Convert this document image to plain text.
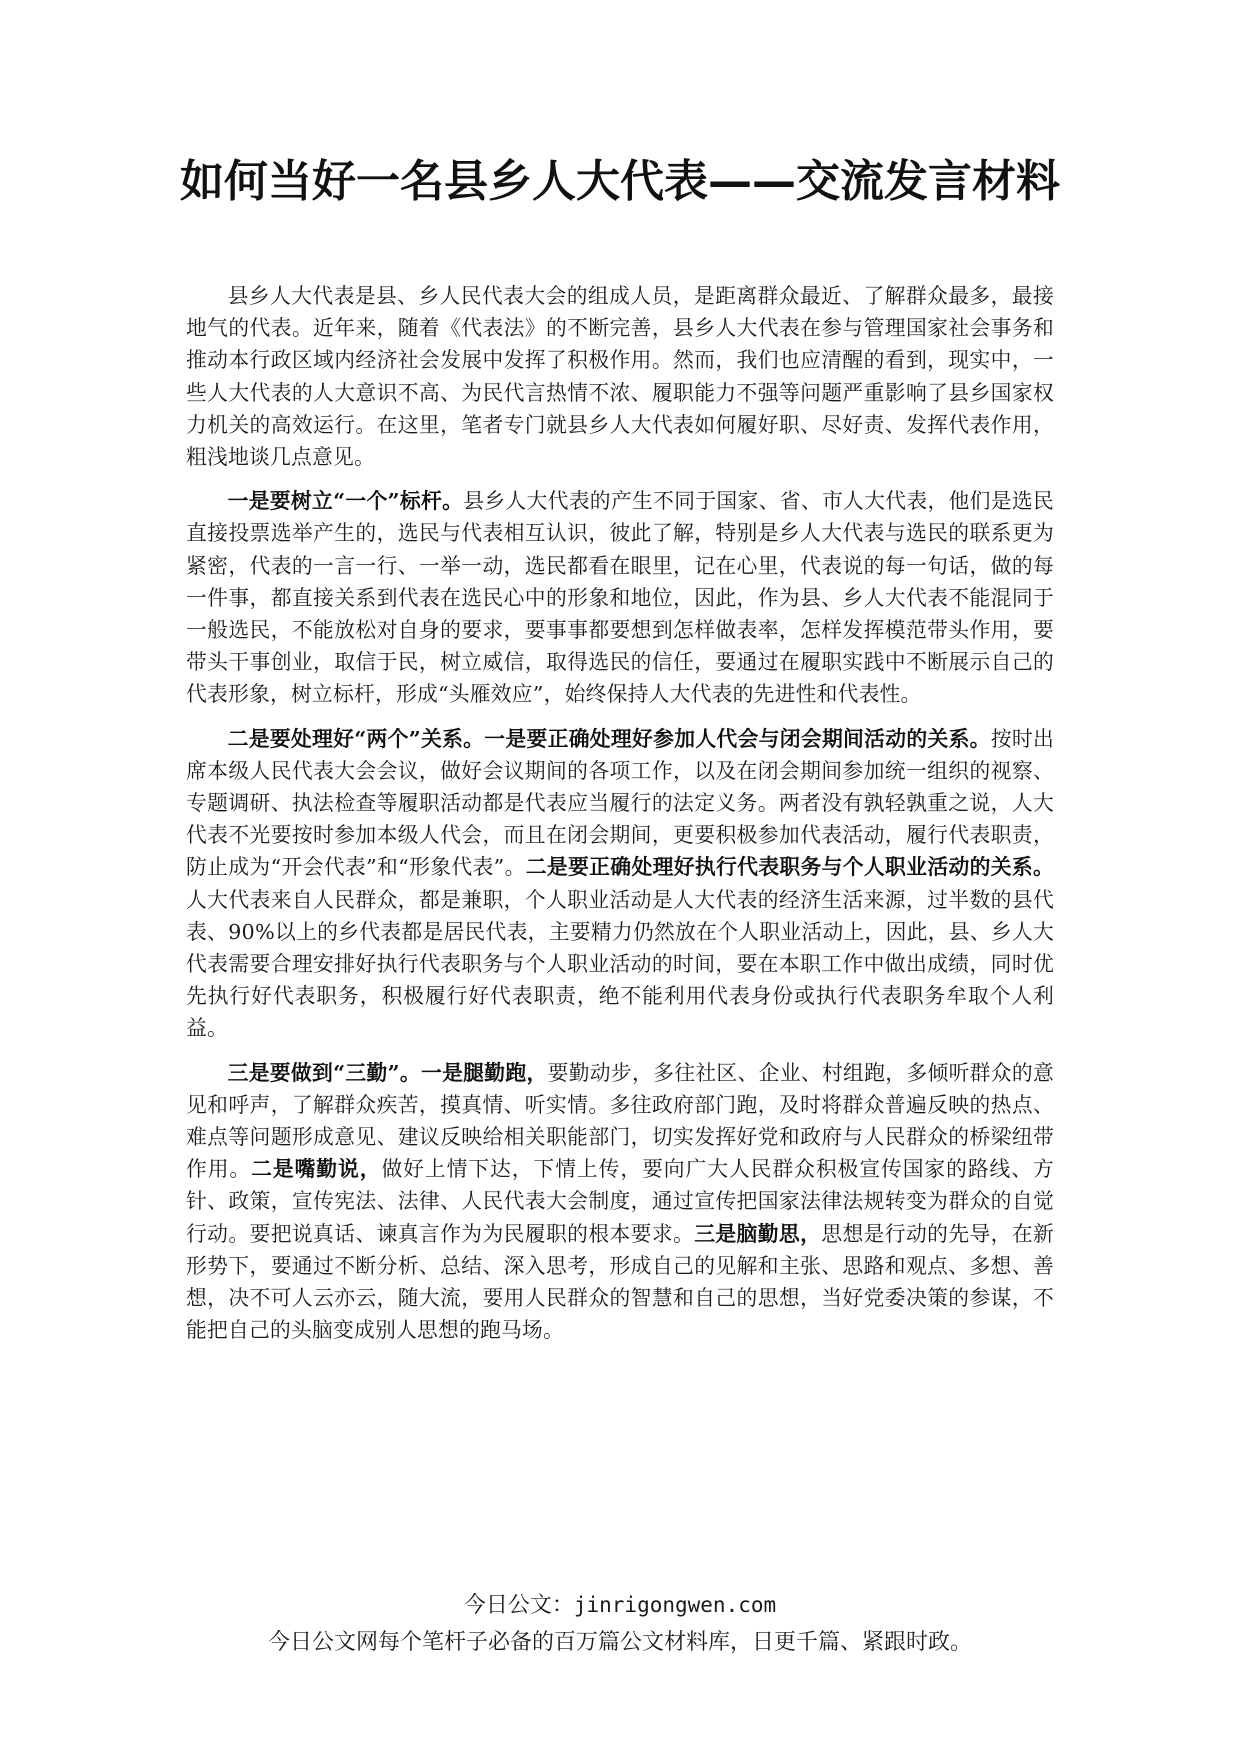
如何当好一名县乡人大代表——交流发言材料

县乡人大代表是县、乡人民代表大会的组成人员，是距离群众最近、了解群众最多，最接地气的代表。近年来，随着《代表法》的不断完善，县乡人大代表在参与管理国家社会事务和推动本行政区域内经济社会发展中发挥了积极作用。然而，我们也应清醒的看到，现实中，一些人大代表的人大意识不高、为民代言热情不浓、履职能力不强等问题严重影响了县乡国家权力机关的高效运行。在这里，笔者专门就县乡人大代表如何履好职、尽好责、发挥代表作用，粗浅地谈几点意见。

一是要树立“一个”标杆。县乡人大代表的产生不同于国家、省、市人大代表，他们是选民直接投票选举产生的，选民与代表相互认识，彼此了解，特别是乡人大代表与选民的联系更为紧密，代表的一言一行、一举一动，选民都看在眼里，记在心里，代表说的每一句话，做的每一件事，都直接关系到代表在选民心中的形象和地位，因此，作为县、乡人大代表不能混同于一般选民，不能放松对自身的要求，要事事都要想到怎样做表率，怎样发挥模范带头作用，要带头干事创业，取信于民，树立威信，取得选民的信任，要通过在履职实践中不断展示自己的代表形象，树立标杆，形成“头雁效应”，始终保持人大代表的先进性和代表性。

二是要处理好“两个”关系。一是要正确处理好参加人代会与闭会期间活动的关系。按时出席本级人民代表大会会议，做好会议期间的各项工作，以及在闭会期间参加统一组织的视察、专题调研、执法检查等履职活动都是代表应当履行的法定义务。两者没有孰轻孰重之说，人大代表不光要按时参加本级人代会，而且在闭会期间，更要积极参加代表活动，履行代表职责，防止成为“开会代表”和“形象代表”。二是要正确处理好执行代表职务与个人职业活动的关系。人大代表来自人民群众，都是兼职，个人职业活动是人大代表的经济生活来源，过半数的县代表、90%以上的乡代表都是居民代表，主要精力仍然放在个人职业活动上，因此，县、乡人大代表需要合理安排好执行代表职务与个人职业活动的时间，要在本职工作中做出成绩，同时优先执行好代表职务，积极履行好代表职责，绝不能利用代表身份或执行代表职务牟取个人利益。

三是要做到“三勤”。一是腿勤跑，要勤动步，多往社区、企业、村组跑，多倾听群众的意见和呼声，了解群众疾苦，摸真情、听实情。多往政府部门跑，及时将群众普遍反映的热点、难点等问题形成意见、建议反映给相关职能部门，切实发挥好党和政府与人民群众的桥梁纽带作用。二是嘴勤说，做好上情下达，下情上传，要向广大人民群众积极宣传国家的路线、方针、政策，宣传宪法、法律、人民代表大会制度，通过宣传把国家法律法规转变为群众的自觉行动。要把说真话、谏真言作为为民履职的根本要求。三是脑勤思，思想是行动的先导，在新形势下，要通过不断分析、总结、深入思考，形成自己的见解和主张、思路和观点、多想、善想，决不可人云亦云，随大流，要用人民群众的智慧和自己的思想，当好党委决策的参谋，不能把自己的头脑变成别人思想的跑马场。

今日公文：jinrigongwen.com
今日公文网每个笔杆子必备的百万篇公文材料库，日更千篇、紧跟时政。
